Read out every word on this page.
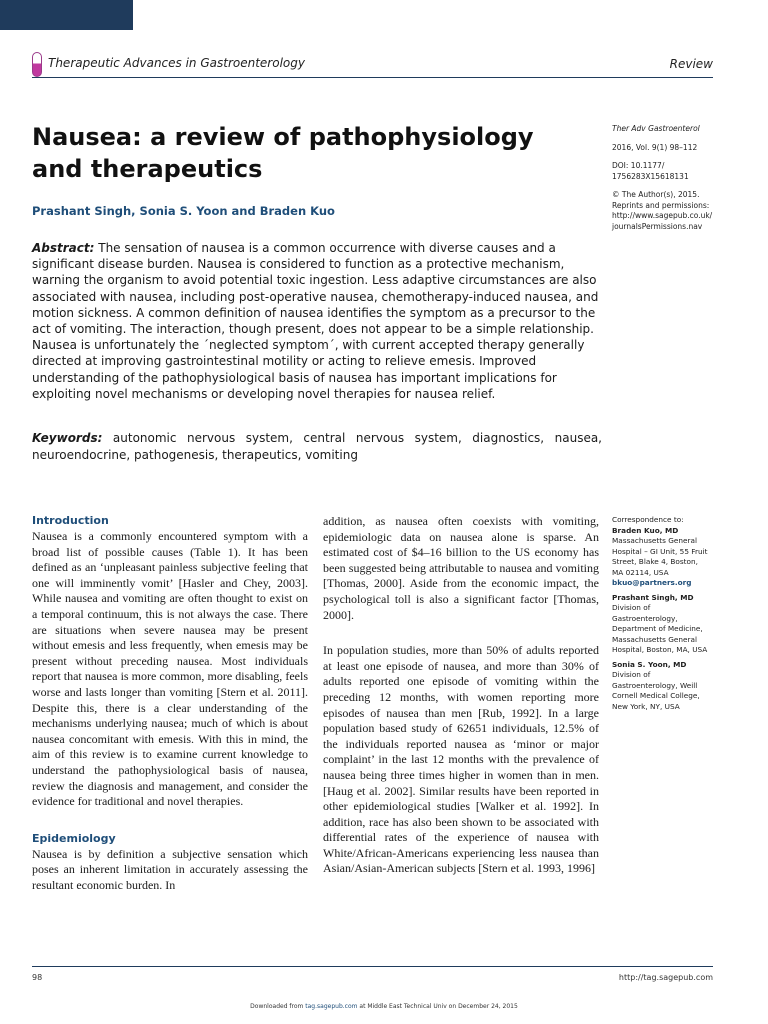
Therapeutic Advances in Gastroenterology	Review
Nausea: a review of pathophysiology and therapeutics
Prashant Singh, Sonia S. Yoon and Braden Kuo
Ther Adv Gastroenterol
2016, Vol. 9(1) 98–112
DOI: 10.1177/
1756283X15618131
© The Author(s), 2015.
Reprints and permissions:
http://www.sagepub.co.uk/
journalsPermissions.nav
Abstract: The sensation of nausea is a common occurrence with diverse causes and a significant disease burden. Nausea is considered to function as a protective mechanism, warning the organism to avoid potential toxic ingestion. Less adaptive circumstances are also associated with nausea, including post-operative nausea, chemotherapy-induced nausea, and motion sickness. A common definition of nausea identifies the symptom as a precursor to the act of vomiting. The interaction, though present, does not appear to be a simple relationship. Nausea is unfortunately the ´neglected symptom´, with current accepted therapy generally directed at improving gastrointestinal motility or acting to relieve emesis. Improved understanding of the pathophysiological basis of nausea has important implications for exploiting novel mechanisms or developing novel therapies for nausea relief.
Keywords: autonomic nervous system, central nervous system, diagnostics, nausea, neuroendocrine, pathogenesis, therapeutics, vomiting
Introduction

Nausea is a commonly encountered symptom with a broad list of possible causes (Table 1). It has been defined as an ‘unpleasant painless subjective feeling that one will imminently vomit’ [Hasler and Chey, 2003]. While nausea and vomiting are often thought to exist on a temporal continuum, this is not always the case. There are situations when severe nausea may be present without emesis and less frequently, when emesis may be present without preceding nausea. Most individuals report that nausea is more common, more disabling, feels worse and lasts longer than vomiting [Stern et al. 2011]. Despite this, there is a clear understanding of the mechanisms underlying nausea; much of which is about nausea concomitant with emesis. With this in mind, the aim of this review is to examine current knowledge to understand the pathophysiological basis of nausea, review the diagnosis and management, and consider the evidence for traditional and novel therapies.

Epidemiology

Nausea is by definition a subjective sensation which poses an inherent limitation in accurately assessing the resultant economic burden. In

addition, as nausea often coexists with vomiting, epidemiologic data on nausea alone is sparse. An estimated cost of $4–16 billion to the US economy has been suggested being attributable to nausea and vomiting [Thomas, 2000]. Aside from the economic impact, the psychological toll is also a significant factor [Thomas, 2000].

In population studies, more than 50% of adults reported at least one episode of nausea, and more than 30% of adults reported one episode of vomiting within the preceding 12 months, with women reporting more episodes of nausea than men [Rub, 1992]. In a large population based study of 62651 individuals, 12.5% of the individuals reported nausea as ‘minor or major complaint’ in the last 12 months with the prevalence of nausea being three times higher in women than in men. [Haug et al. 2002]. Similar results have been reported in other epidemiological studies [Walker et al. 1992]. In addition, race has also been shown to be associated with differential rates of the experience of nausea with White/African-Americans experiencing less nausea than Asian/Asian-American subjects [Stern et al. 1993, 1996]

Correspondence to:
Braden Kuo, MD
Massachusetts General
Hospital – GI Unit, 55 Fruit
Street, Blake 4, Boston,
MA 02114, USA
bkuo@partners.org
Prashant Singh, MD
Division of
Gastroenterology,
Department of Medicine,
Massachusetts General
Hospital, Boston, MA, USA
Sonia S. Yoon, MD
Division of
Gastroenterology, Weill
Cornell Medical College,
New York, NY, USA
98	http://tag.sagepub.com
Downloaded from tag.sagepub.com at Middle East Technical Univ on December 24, 2015
